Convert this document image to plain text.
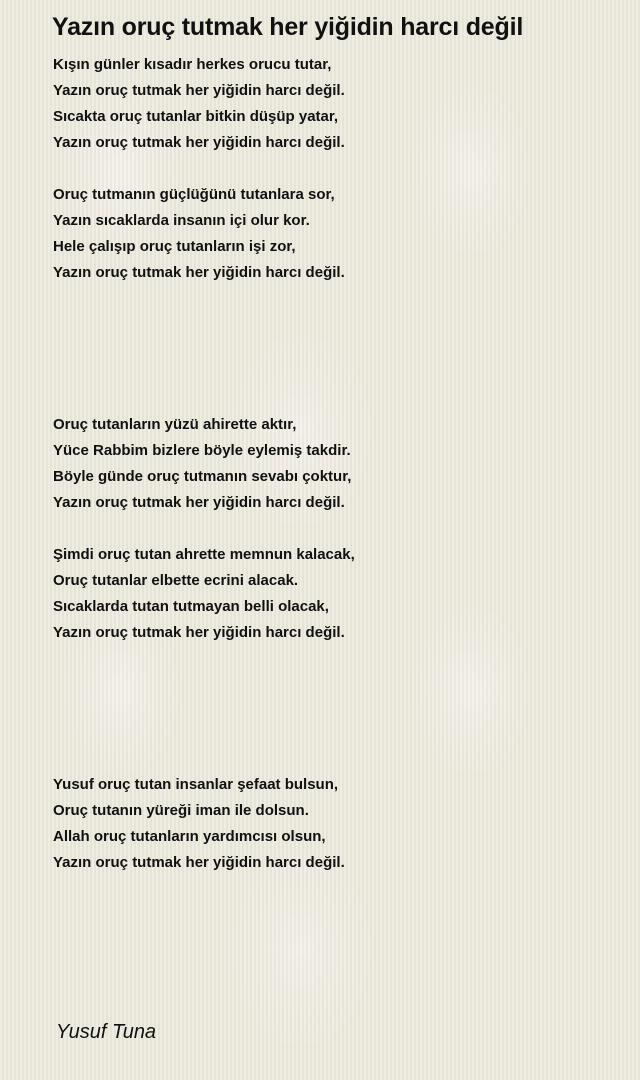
Yazın oruç tutmak her yiğidin harcı değil
Kışın günler kısadır herkes orucu tutar,
Yazın oruç tutmak her yiğidin harcı değil.
Sıcakta oruç tutanlar bitkin düşüp yatar,
Yazın oruç tutmak her yiğidin harcı değil.
Oruç tutmanın güçlüğünü tutanlara sor,
Yazın sıcaklarda insanın içi olur kor.
Hele çalışıp oruç tutanların işi zor,
Yazın oruç tutmak her yiğidin harcı değil.
Oruç tutanların yüzü ahirette aktır,
Yüce Rabbim bizlere böyle eylemiş takdir.
Böyle günde oruç tutmanın sevabı çoktur,
Yazın oruç tutmak her yiğidin harcı değil.
Şimdi oruç tutan ahrette memnun kalacak,
Oruç tutanlar elbette ecrini alacak.
Sıcaklarda tutan tutmayan belli olacak,
Yazın oruç tutmak her yiğidin harcı değil.
Yusuf oruç tutan insanlar şefaat bulsun,
Oruç tutanın yüreği iman ile dolsun.
Allah oruç tutanların yardımcısı olsun,
Yazın oruç tutmak her yiğidin harcı değil.
Yusuf Tuna
